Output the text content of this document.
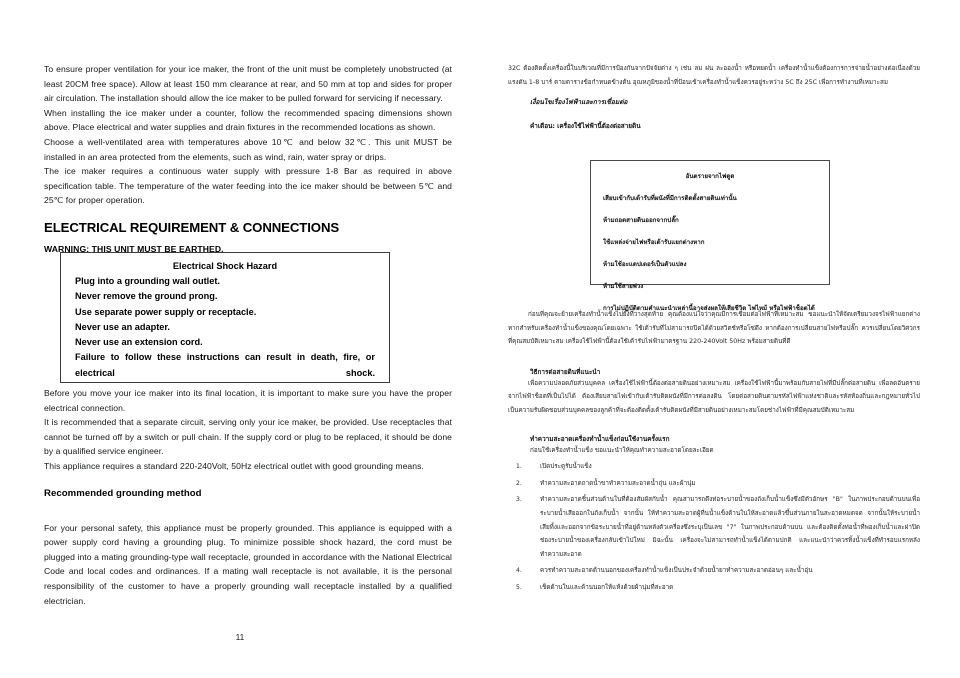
To ensure proper ventilation for your ice maker, the front of the unit must be completely unobstructed (at least 20CM free space). Allow at least 150 mm clearance at rear, and 50 mm at top and sides for proper air circulation. The installation should allow the ice maker to be pulled forward for servicing if necessary.

When installing the ice maker under a counter, follow the recommended spacing dimensions shown above. Place electrical and water supplies and drain fixtures in the recommended locations as shown.

Choose a well-ventilated area with temperatures above 10℃ and below 32℃. This unit MUST be installed in an area protected from the elements, such as wind, rain, water spray or drips.

The ice maker requires a continuous water supply with pressure 1-8 Bar as required in above specification table. The temperature of the water feeding into the ice maker should be between 5℃ and 25℃ for proper operation.

ELECTRICAL REQUIREMENT & CONNECTIONS

WARNING: THIS UNIT MUST BE EARTHED.

Electrical Shock Hazard

Plug into a grounding wall outlet.

Never remove the ground prong.

Use separate power supply or receptacle.

Never use an adapter.

Never use an extension cord.

Failure to follow these instructions can result in death, fire, or electrical shock.

Before you move your ice maker into its final location, it is important to make sure you have the proper electrical connection.

It is recommended that a separate circuit, serving only your ice maker, be provided. Use receptacles that cannot be turned off by a switch or pull chain. If the supply cord or plug to be replaced, it should be done by a qualified service engineer.

This appliance requires a standard 220-240Volt, 50Hz electrical outlet with good grounding means.

Recommended grounding method

For your personal safety, this appliance must be properly grounded. This appliance is equipped with a power supply cord having a grounding plug. To minimize possible shock hazard, the cord must be plugged into a mating grounding-type wall receptacle, grounded in accordance with the National Electrical Code and local codes and ordinances. If a mating wall receptacle is not available, it is the personal responsibility of the customer to have a properly grounding wall receptacle installed by a qualified electrician.

32C ต้องติดตั้งเครื่องนี้ในบริเวณที่มีการป้องกันจากปัจจัยต่าง ๆ เช่น ลม ฝน ละอองน้ำ หรือหยดน้ำ เครื่องทำน้ำแข็งต้องการการจ่ายน้ำอย่างต่อเนื่องด้วยแรงดัน 1-8 บาร์ ตามตารางข้อกำหนดข้างต้น อุณหภูมิของน้ำที่ป้อนเข้าเครื่องทำน้ำแข็งควรอยู่ระหว่าง 5C ถึง 25C เพื่อการทำงานที่เหมาะสม

เงื่อนไขเรื่องไฟฟ้าและการเชื่อมต่อ

คำเตือน: เครื่องใช้ไฟฟ้านี้ต้องต่อสายดิน

อันตรายจากไฟดูด

เสียบเข้ากับเต้ารับที่ผนังที่มีการติดตั้งสายดินเท่านั้น

ห้ามถอดสายดินออกจากปลั๊ก

ใช้แหล่งจ่ายไฟหรือเต้ารับแยกต่างหาก

ห้ามใช้อะแดปเตอร์เป็นตัวแปลง

ห้ามใช้สายพ่วง

การไม่ปฏิบัติตามคำแนะนำเหล่านี้อาจส่งผลให้เสียชีวิต ไฟไหม้ หรือไฟฟ้าช็อตได้

ก่อนที่คุณจะย้ายเครื่องทำน้ำแข็งไปยังที่วางสุดท้าย คุณต้องแน่ใจว่าคุณมีการเชื่อมต่อไฟฟ้าที่เหมาะสม ขอแนะนำให้จัดเตรียมวงจรไฟฟ้าแยกต่างหากสำหรับเครื่องทำน้ำแข็งของคุณโดยเฉพาะ ใช้เต้ารับที่ไม่สามารถปิดได้ด้วยสวิตช์หรือโซ่ดึง หากต้องการเปลี่ยนสายไฟหรือปลั๊ก ควรเปลี่ยนโดยวิศวกรที่คุณสมบัติเหมาะสม เครื่องใช้ไฟฟ้านี้ต้องใช้เต้ารับไฟฟ้ามาตรฐาน 220-240Volt 50Hz พร้อมสายดินที่ดี

วิธีการต่อสายดินที่แนะนำ

เพื่อความปลอดภัยส่วนบุคคล เครื่องใช้ไฟฟ้านี้ต้องต่อสายดินอย่างเหมาะสม เครื่องใช้ไฟฟ้านี้มาพร้อมกับสายไฟที่มีปลั๊กต่อสายดิน เพื่อลดอันตรายจากไฟฟ้าช็อตที่เป็นไปได้ ต้องเสียบสายไฟเข้ากับเต้ารับติดผนังที่มีการต่อลงดิน โดยต่อสายดินตามรหัสไฟฟ้าแห่งชาติและรหัสท้องถิ่นและกฎหมายทั่วไป เป็นความรับผิดชอบส่วนบุคคลของลูกค้าที่จะต้องติดตั้งเต้ารับติดผนังที่มีสายดินอย่างเหมาะสมโดยช่างไฟฟ้าที่มีคุณสมบัติเหมาะสม

ทำความสะอาดเครื่องทำน้ำแข็งก่อนใช้งานครั้งแรก

ก่อนใช้เครื่องทำน้ำแข็ง ขอแนะนำให้คุณทำความสะอาดโดยละเอียด

1.	เปิดประตูรับน้ำแข็ง
2.	ทำความสะอาดถาดน้ำขาทำความสะอาดน้ำถุ่น และผ้านุ่ม
3.	ทำความสะอาดชิ้นส่วนด้านในที่ต้องสัมผัสกับน้ำ คุณสามารถดึงท่อระบายน้ำของถังเก็บน้ำแข็งซึ่งมีตัวอักษร "B" ในภาพประกอบด้านบนเพื่อระบายน้ำเสียออกในถังเก็บน้ำ จากนั้น ให้ทำความสะอาดผู้ที่นน้ำแข็งด้านในให้สะอาดแล้วขึ้นส่วนภายในสะอาดหมดจด จากนั้นให้ระบายน้ำเสียทิ้งและออกจากข้อระบายน้ำที่อยู่ด้านหลังตัวเครื่องซึ่งระบุเป็นเลข "7" ในภาพประกอบด้านบน และต้องติดตั้งท่อน้ำที่พองเก็บน้ำและฝาปิดช่องระบายน้ำของเครื่องกลับเข้าไปใหม่ มิฉะนั้น เครื่องจะไม่สามารถทำน้ำแข็งได้ตามปกติ และแนะนำว่าควรทิ้งน้ำแข็งที่ทำรอบแรกหลังทำความสะอาด
4.	ควรทำความสะอาดด้านนอกของเครื่องทำน้ำแข็งเป็นประจำด้วยน้ำยาทำความสะอาดอ่อนๆ และน้ำอุ่น
5.	เช็ดด้านในและด้านนอกให้แห้งด้วยผ้านุ่มที่สะอาด
11
